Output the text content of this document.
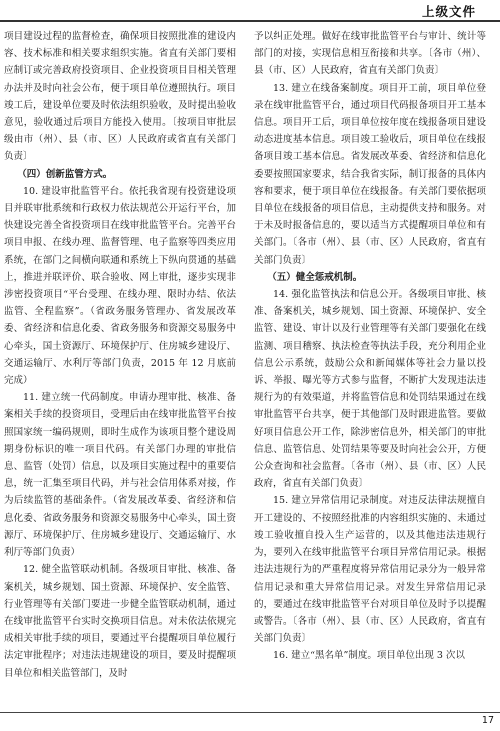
上级文件

项目建设过程的监督检查，确保项目按照批准的建设内容、技术标准和相关要求组织实施。省直有关部门要相应制订或完善政府投资项目、企业投资项目目相关管理办法并及时向社会公布，便于项目单位遵照执行。项目竣工后，建设单位要及时依法组织验收，及时提出验收意见，验收通过后项目方能投入使用。〔按项目审批层级由市（州）、县（市、区）人民政府或省直有关部门负责〕

（四）创新监管方式。

10. 建设审批监管平台。依托我省现有投资建设项目并联审批系统和行政权力依法规范公开运行平台，加快建设完善全省投资项目在线审批监管平台。完善平台项目申报、在线办理、监督管理、电子监察等四类应用系统，在部门之间横向联通和系统上下纵向贯通的基础上，推进并联评价、联合验收、网上审批，逐步实现非涉密投资项目“平台受理、在线办理、限时办结、依法监管、全程监察”。（省政务服务管理办、省发展改革委、省经济和信息化委、省政务服务和资源交易服务中心牵头，国土资源厅、环境保护厅、住房城乡建设厅、交通运输厅、水利厅等部门负责，2015 年 12 月底前完成）

11. 建立统一代码制度。申请办理审批、核准、备案相关手续的投资项目，受理后由在线审批监管平台按照国家统一编码规则，即时生成作为该项目整个建设周期身份标识的唯一项目代码。有关部门办理的审批信息、监管（处罚）信息，以及项目实施过程中的重要信息，统一汇集至项目代码，并与社会信用体系对接，作为后续监管的基础条件。（省发展改革委、省经济和信息化委、省政务服务和资源交易服务中心牵头，国土资源厅、环境保护厅、住房城乡建设厅、交通运输厅、水利厅等部门负责）

12. 健全监管联动机制。各级项目审批、核准、备案机关，城乡规划、国土资源、环境保护、安全监管、行业管理等有关部门要进一步健全监管联动机制，通过在线审批监管平台实时交换项目信息。对未依法依规完成相关审批手续的项目，要通过平台提醒项目单位履行法定审批程序；对违法违规建设的项目，要及时提醒项目单位和相关监管部门，及时

予以纠正处理。做好在线审批监管平台与审计、统计等部门的对接，实现信息相互衔接和共享。〔各市（州）、县（市、区）人民政府，省直有关部门负责〕

13. 建立在线备案制度。项目开工前，项目单位登录在线审批监管平台，通过项目代码报备项目开工基本信息。项目开工后，项目单位按年度在线报备项目建设动态进度基本信息。项目竣工验收后，项目单位在线报备项目竣工基本信息。省发展改革委、省经济和信息化委要按照国家要求，结合我省实际，制订报备的具体内容和要求，便于项目单位在线报备。有关部门要依据项目单位在线报备的项目信息，主动提供支持和服务。对于未及时报备信息的，要以适当方式提醒项目单位和有关部门。〔各市（州）、县（市、区）人民政府，省直有关部门负责〕

（五）健全惩戒机制。

14. 强化监管执法和信息公开。各级项目审批、核准、备案机关，城乡规划、国土资源、环境保护、安全监管、建设、审计以及行业管理等有关部门要强化在线监测、项目稽察、执法检查等执法手段，充分利用企业信息公示系统，鼓励公众和新闻媒体等社会力量以投诉、举报、曝光等方式参与监督，不断扩大发现违法违规行为的有效渠道，并将监管信息和处罚结果通过在线审批监管平台共享，便于其他部门及时跟进监管。要做好项目信息公开工作，除涉密信息外，相关部门的审批信息、监管信息、处罚结果等要及时向社会公开，方便公众查询和社会监督。〔各市（州）、县（市、区）人民政府，省直有关部门负责〕

15. 建立异常信用记录制度。对违反法律法规擅自开工建设的、不按照经批准的内容组织实施的、未通过竣工验收擅自投入生产运营的，以及其他违法违规行为，要列入在线审批监管平台项目异常信用记录。根据违法违规行为的严重程度将异常信用记录分为一般异常信用记录和重大异常信用记录。对发生异常信用记录的，要通过在线审批监管平台对项目单位及时予以提醒或警告。〔各市（州）、县（市、区）人民政府，省直有关部门负责〕

16. 建立“黑名单”制度。项目单位出现 3 次以

17
